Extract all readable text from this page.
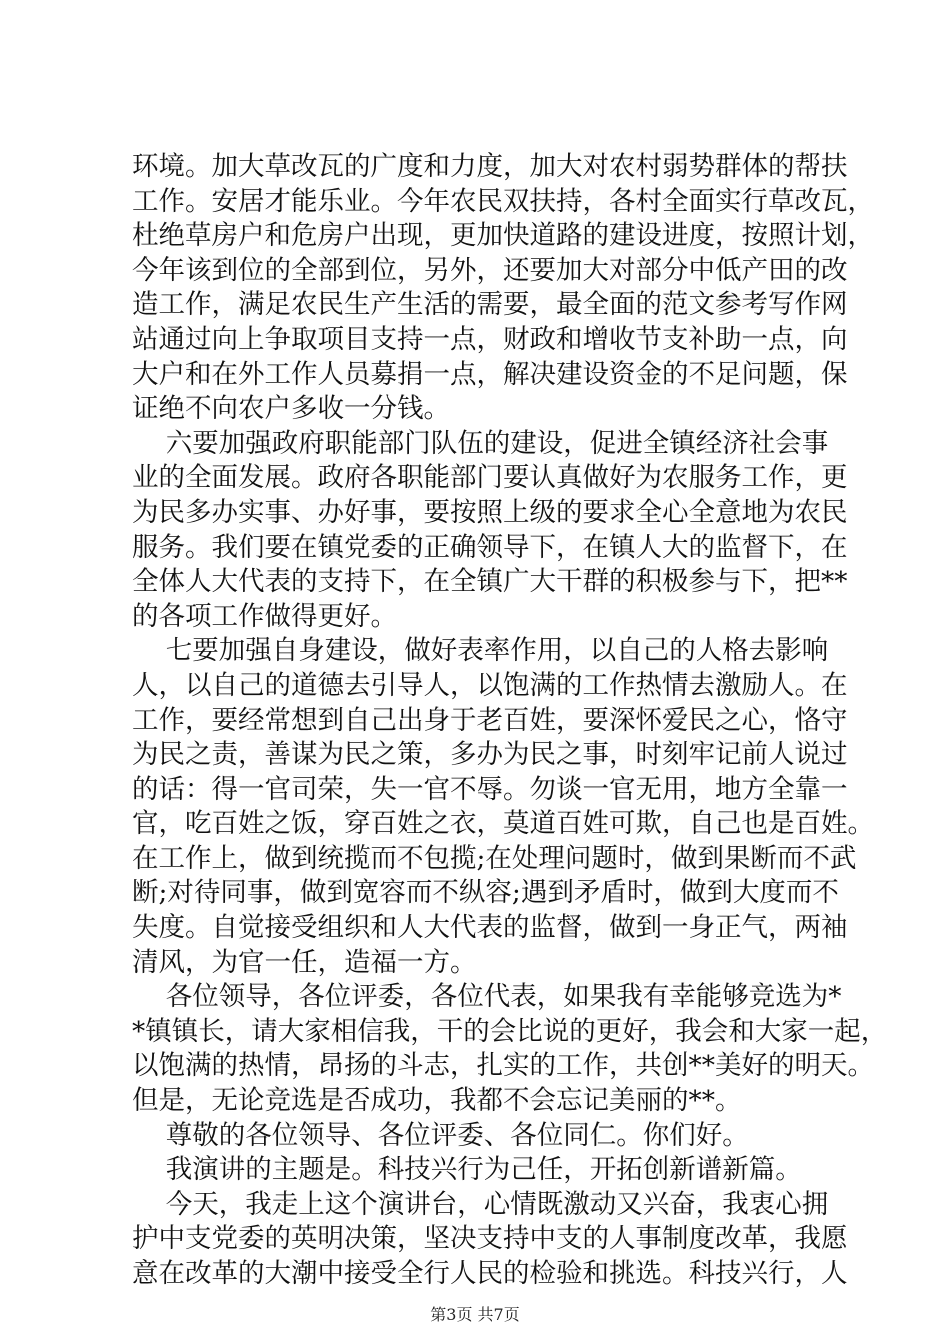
环境。加大草改瓦的广度和力度，加大对农村弱势群体的帮扶
工作。安居才能乐业。今年农民双扶持，各村全面实行草改瓦，
杜绝草房户和危房户出现，更加快道路的建设进度，按照计划，
今年该到位的全部到位，另外，还要加大对部分中低产田的改
造工作，满足农民生产生活的需要，最全面的范文参考写作网
站通过向上争取项目支持一点，财政和增收节支补助一点，向
大户和在外工作人员募捐一点，解决建设资金的不足问题，保
证绝不向农户多收一分钱。
六要加强政府职能部门队伍的建设，促进全镇经济社会事
业的全面发展。政府各职能部门要认真做好为农服务工作，更
为民多办实事、办好事，要按照上级的要求全心全意地为农民
服务。我们要在镇党委的正确领导下，在镇人大的监督下，在
全体人大代表的支持下，在全镇广大干群的积极参与下，把**
的各项工作做得更好。
七要加强自身建设，做好表率作用，以自己的人格去影响
人，以自己的道德去引导人，以饱满的工作热情去激励人。在
工作，要经常想到自己出身于老百姓，要深怀爱民之心，恪守
为民之责，善谋为民之策，多办为民之事，时刻牢记前人说过
的话：得一官司荣，失一官不辱。勿谈一官无用，地方全靠一
官，吃百姓之饭，穿百姓之衣，莫道百姓可欺，自己也是百姓。
在工作上，做到统揽而不包揽;在处理问题时，做到果断而不武
断;对待同事，做到宽容而不纵容;遇到矛盾时，做到大度而不
失度。自觉接受组织和人大代表的监督，做到一身正气，两袖
清风，为官一任，造福一方。
各位领导，各位评委，各位代表，如果我有幸能够竞选为*
*镇镇长，请大家相信我，干的会比说的更好，我会和大家一起，
以饱满的热情，昂扬的斗志，扎实的工作，共创**美好的明天。
但是，无论竞选是否成功，我都不会忘记美丽的**。
尊敬的各位领导、各位评委、各位同仁。你们好。
我演讲的主题是。科技兴行为己任，开拓创新谱新篇。
今天，我走上这个演讲台，心情既激动又兴奋，我衷心拥
护中支党委的英明决策，坚决支持中支的人事制度改革，我愿
意在改革的大潮中接受全行人民的检验和挑选。科技兴行，人
第3页 共7页
